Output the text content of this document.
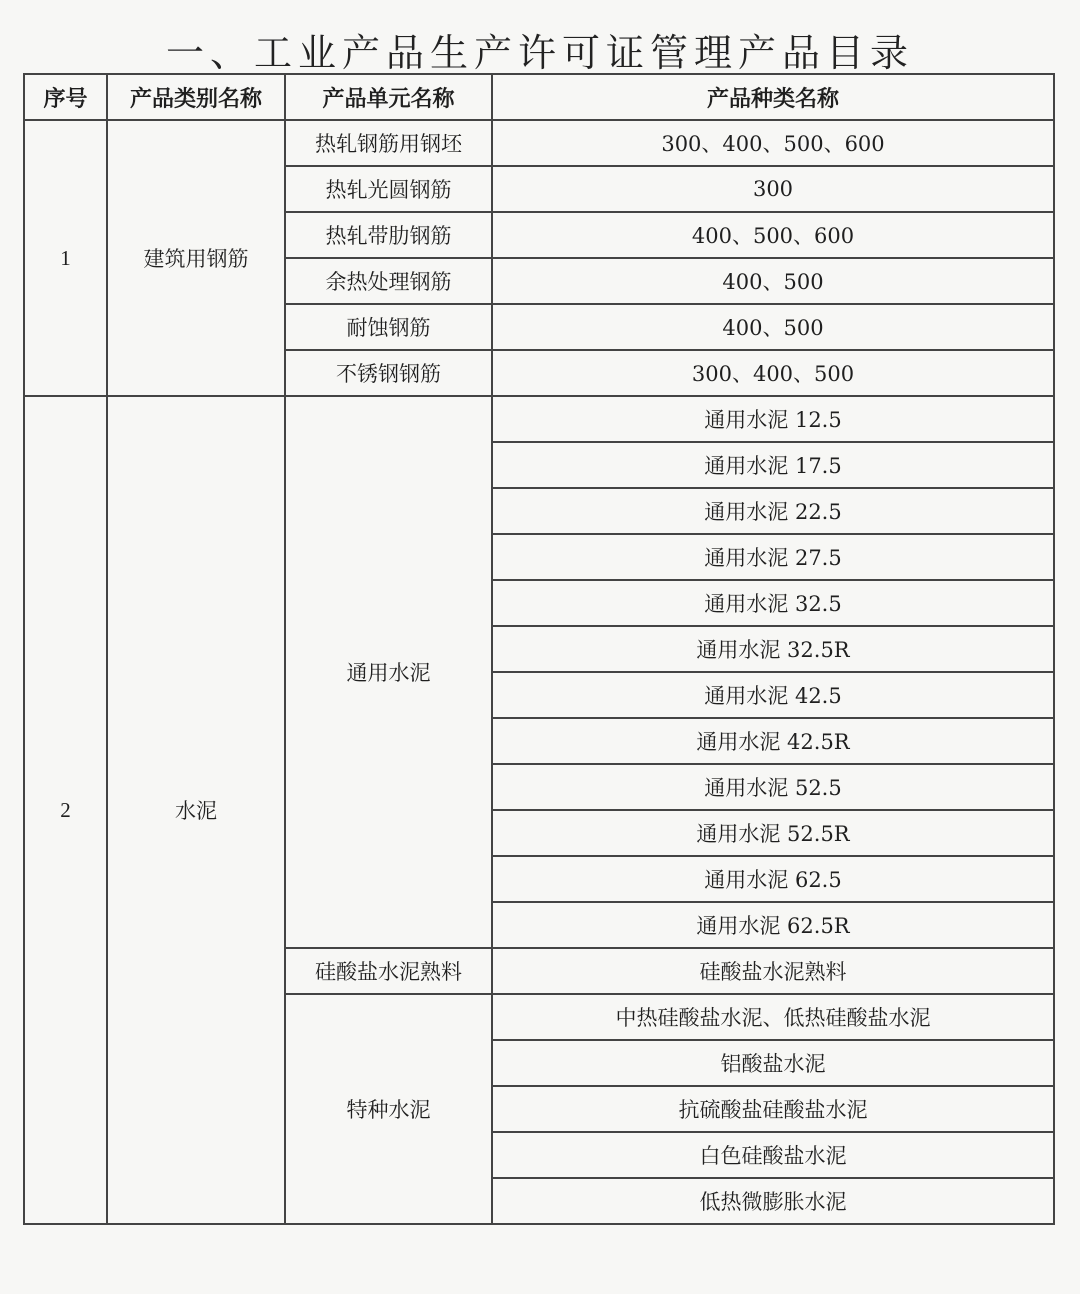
一、工业产品生产许可证管理产品目录
序号	产品类别名称	产品单元名称	产品种类名称
1	建筑用钢筋	热轧钢筋用钢坯	300、400、500、600
		热轧光圆钢筋	300
		热轧带肋钢筋	400、500、600
		余热处理钢筋	400、500
		耐蚀钢筋	400、500
		不锈钢钢筋	300、400、500
2	水泥	通用水泥	通用水泥 12.5
			通用水泥 17.5
			通用水泥 22.5
			通用水泥 27.5
			通用水泥 32.5
			通用水泥 32.5R
			通用水泥 42.5
			通用水泥 42.5R
			通用水泥 52.5
			通用水泥 52.5R
			通用水泥 62.5
			通用水泥 62.5R
		硅酸盐水泥熟料	硅酸盐水泥熟料
		特种水泥	中热硅酸盐水泥、低热硅酸盐水泥
			铝酸盐水泥
			抗硫酸盐硅酸盐水泥
			白色硅酸盐水泥
			低热微膨胀水泥
